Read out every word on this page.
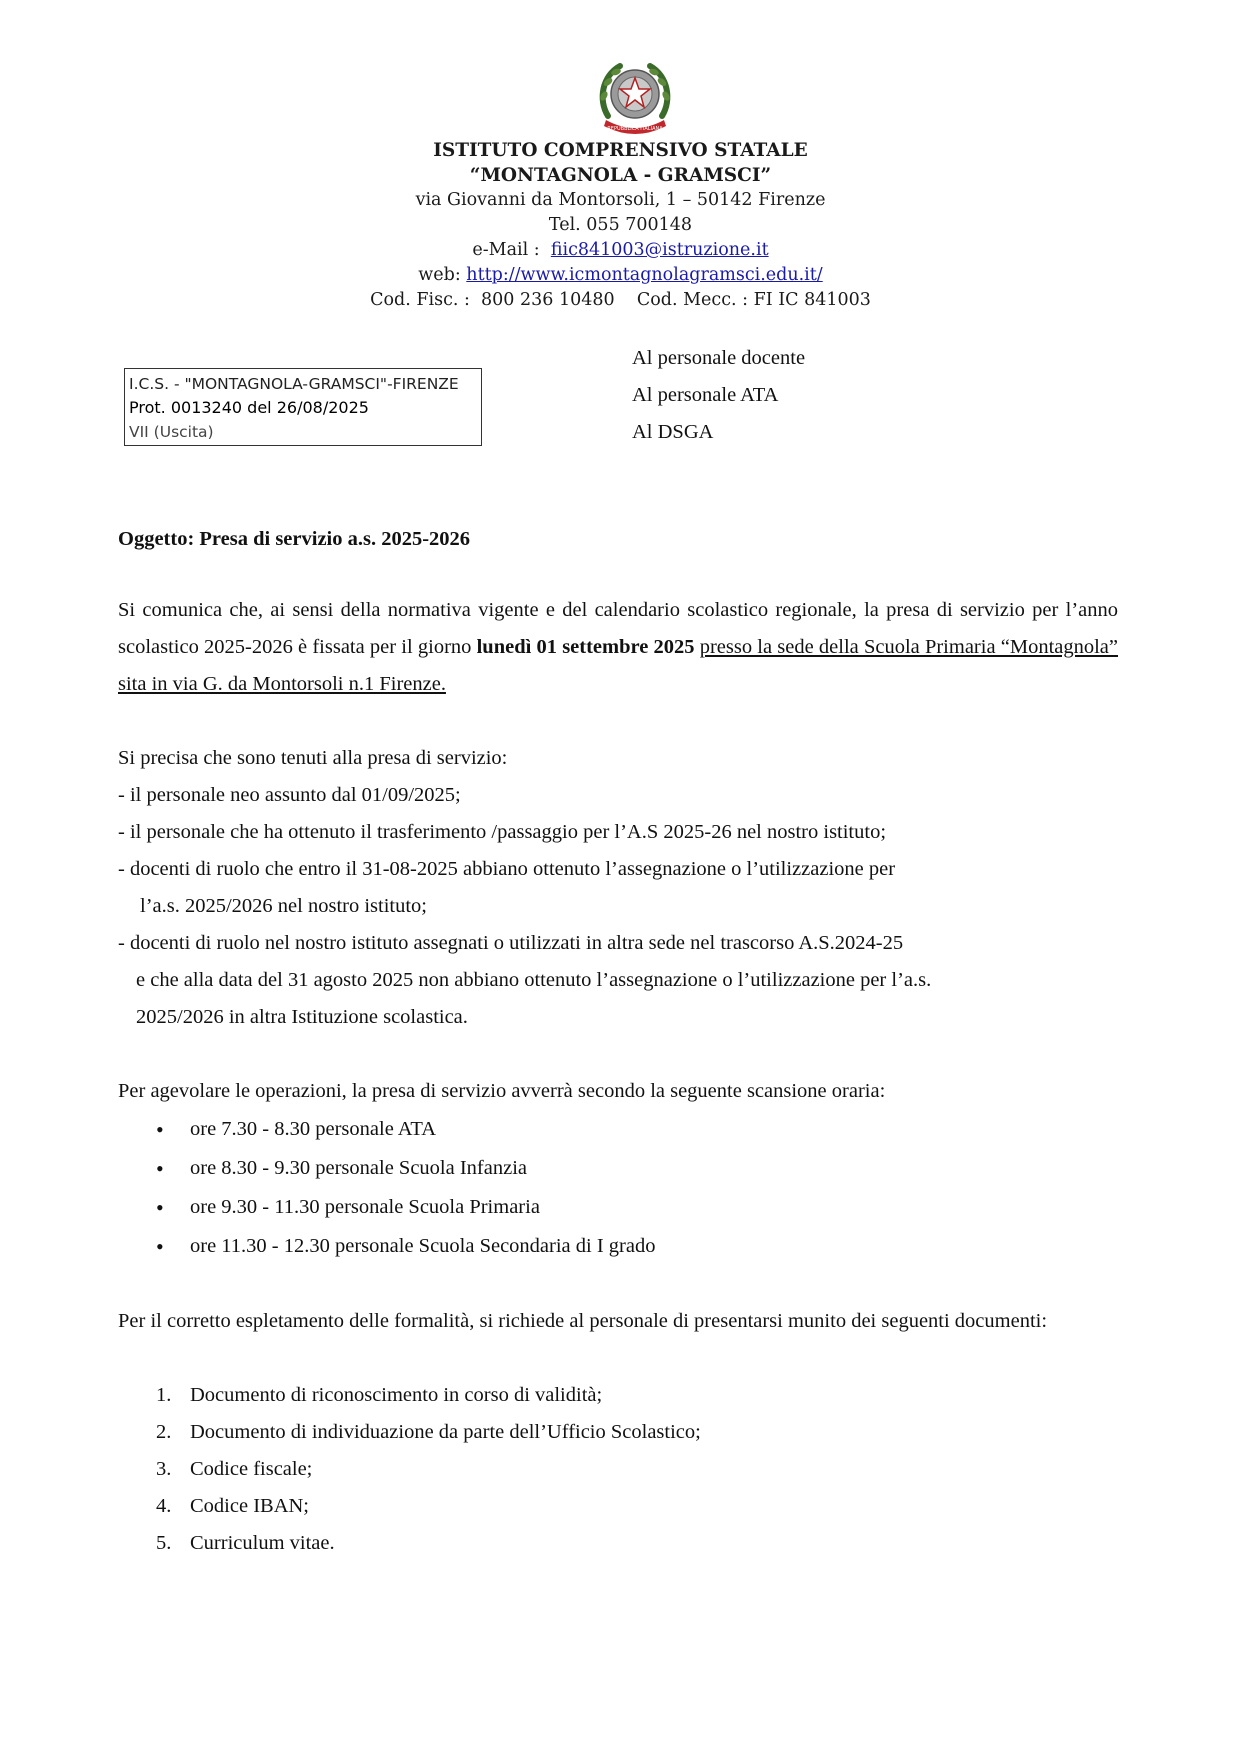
REPUBBLICA ITALIANA
ISTITUTO COMPRENSIVO STATALE
“MONTAGNOLA - GRAMSCI”
via Giovanni da Montorsoli, 1 – 50142 Firenze
Tel. 055 700148
e-Mail : fiic841003@istruzione.it
web: http://www.icmontagnolagramsci.edu.it/
Cod. Fisc. :  800 236 10480    Cod. Mecc. : FI IC 841003
I.C.S. - "MONTAGNOLA-GRAMSCI"-FIRENZE
Prot. 0013240 del 26/08/2025
VII (Uscita)
Al personale docente
Al personale ATA
Al DSGA

Oggetto: Presa di servizio a.s. 2025-2026

Si comunica che, ai sensi della normativa vigente e del calendario scolastico regionale, la presa di servizio per l’anno scolastico 2025-2026 è fissata per il giorno lunedì 01 settembre 2025 presso la sede della Scuola Primaria “Montagnola” sita in via G. da Montorsoli n.1 Firenze.

Si precisa che sono tenuti alla presa di servizio:
- il personale neo assunto dal 01/09/2025;
- il personale che ha ottenuto il trasferimento /passaggio per l’A.S 2025-26 nel nostro istituto;
- docenti di ruolo che entro il 31-08-2025 abbiano ottenuto l’assegnazione o l’utilizzazione per
l’a.s. 2025/2026 nel nostro istituto;
- docenti di ruolo nel nostro istituto assegnati o utilizzati in altra sede nel trascorso A.S.2024-25
e che alla data del 31 agosto 2025 non abbiano ottenuto l’assegnazione o l’utilizzazione per l’a.s.
2025/2026 in altra Istituzione scolastica.
Per agevolare le operazioni, la presa di servizio avverrà secondo la seguente scansione oraria:
• ore 7.30 - 8.30 personale ATA
• ore 8.30 - 9.30 personale Scuola Infanzia
• ore 9.30 - 11.30 personale Scuola Primaria
• ore 11.30 - 12.30 personale Scuola Secondaria di I grado

Per il corretto espletamento delle formalità, si richiede al personale di presentarsi munito dei seguenti documenti:

1. Documento di riconoscimento in corso di validità;
2. Documento di individuazione da parte dell’Ufficio Scolastico;
3. Codice fiscale;
4. Codice IBAN;
5. Curriculum vitae.
